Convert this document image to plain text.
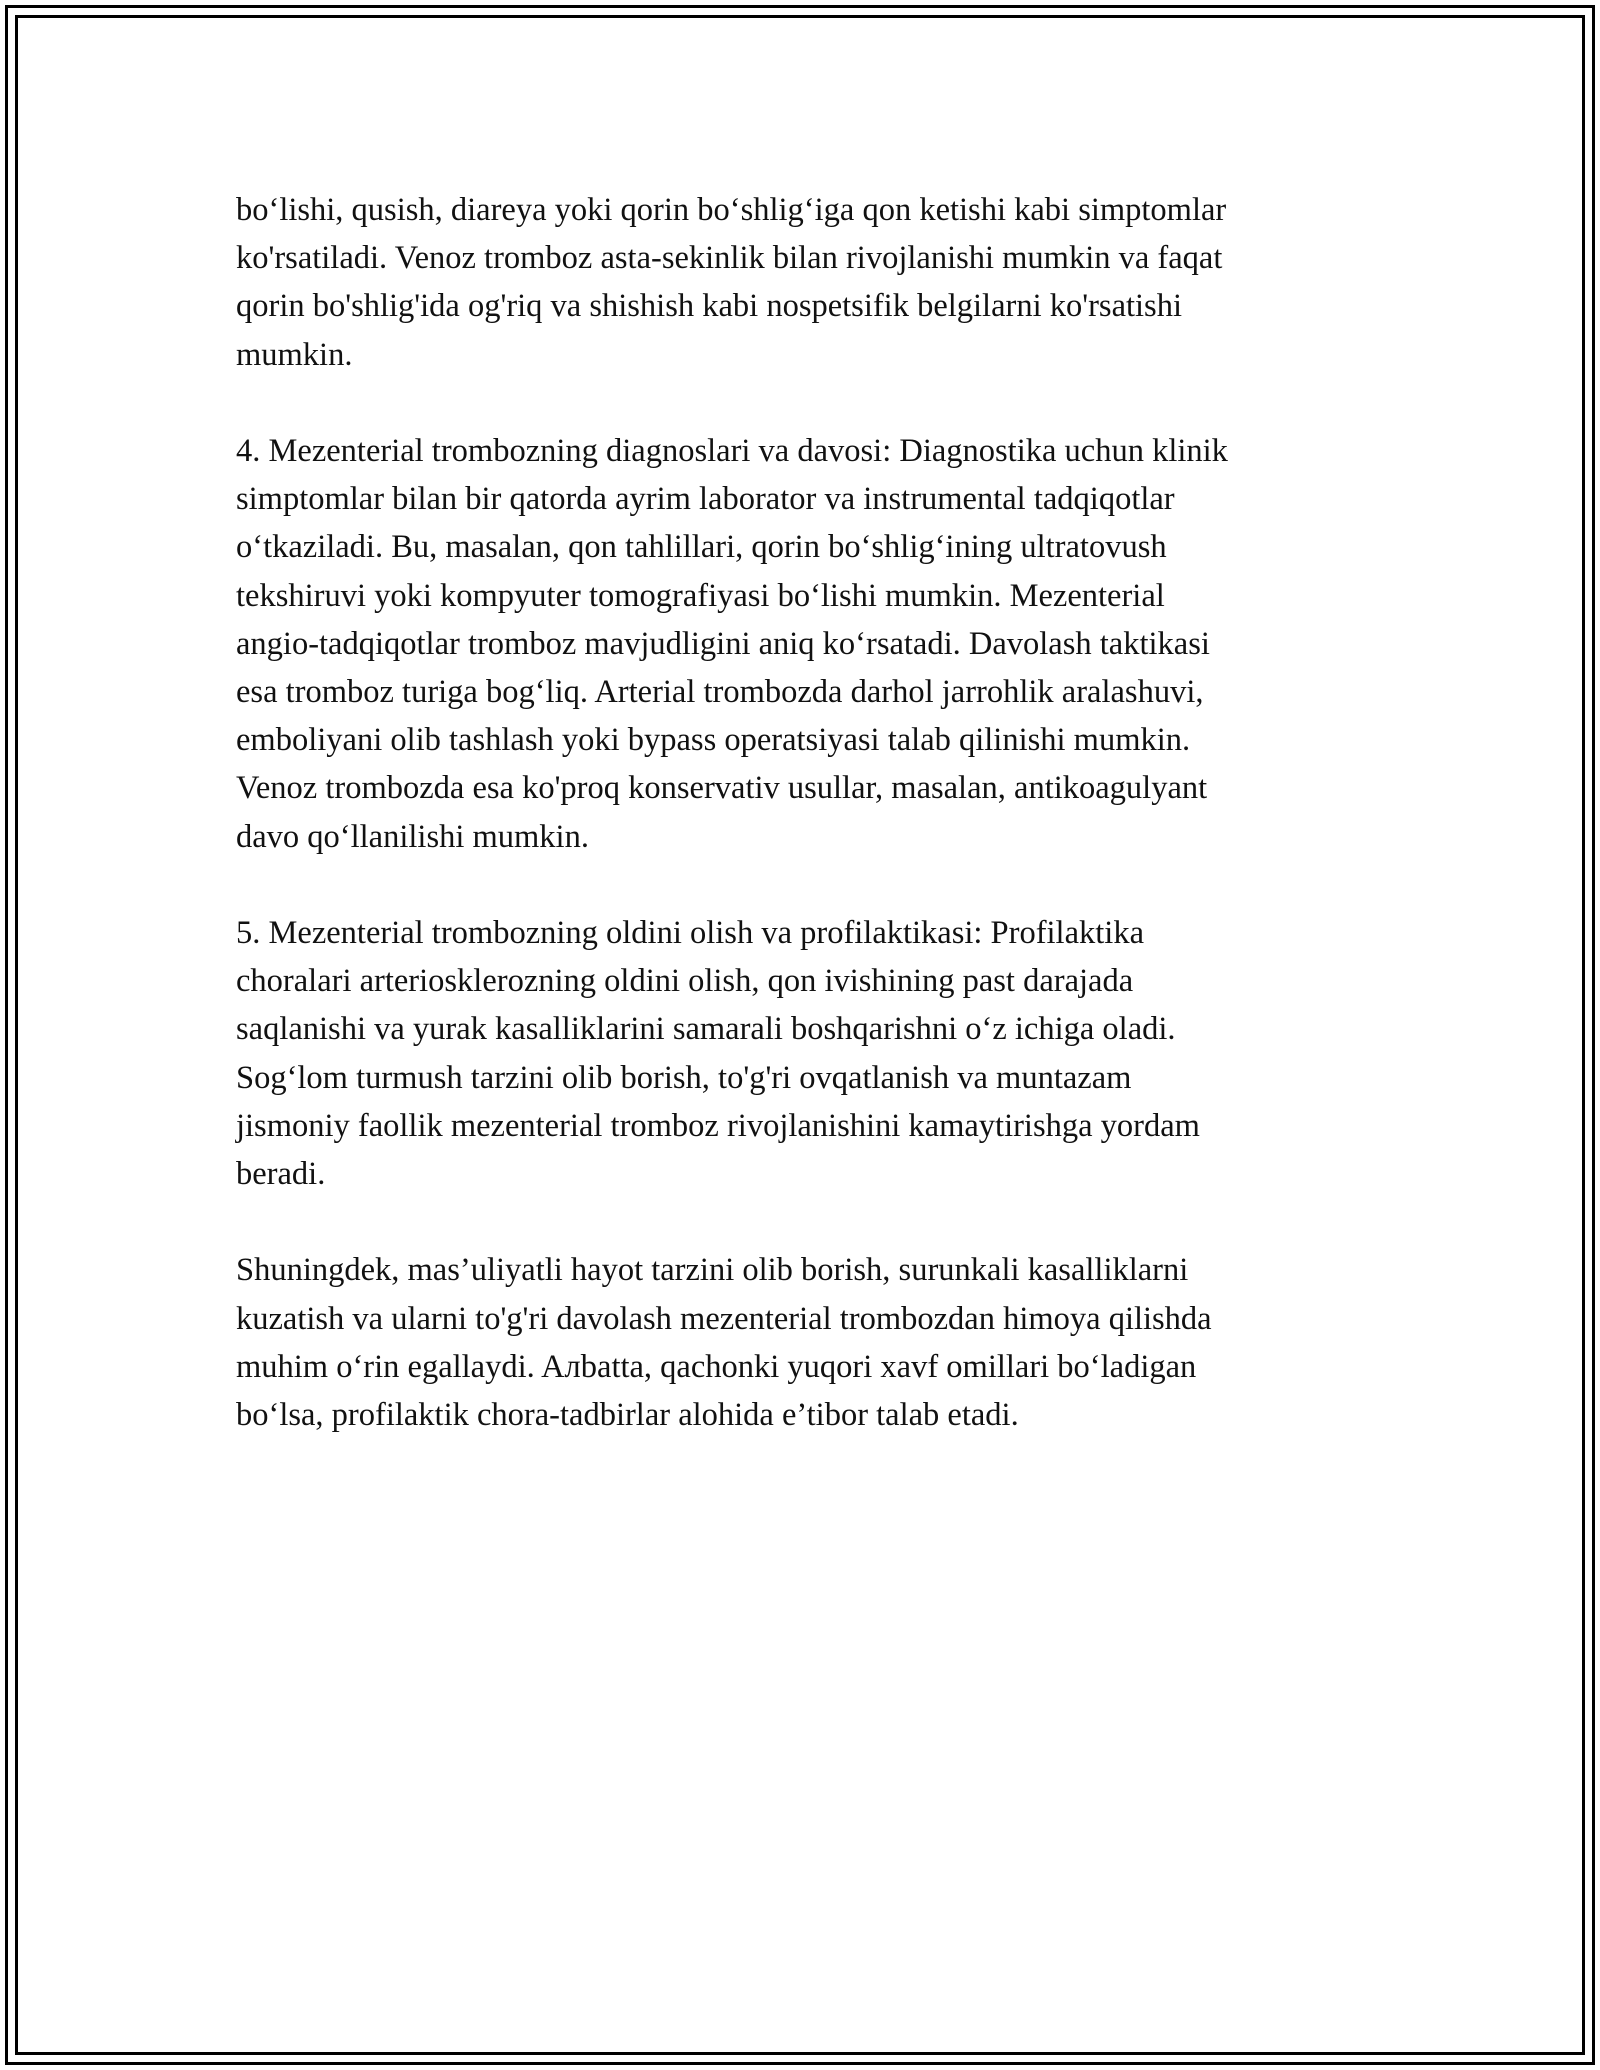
bo‘lishi, qusish, diareya yoki qorin bo‘shlig‘iga qon ketishi kabi simptomlar
ko'rsatiladi. Venoz tromboz asta-sekinlik bilan rivojlanishi mumkin va faqat
qorin bo'shlig'ida og'riq va shishish kabi nospetsifik belgilarni ko'rsatishi
mumkin.

4. Mezenterial trombozning diagnoslari va davosi: Diagnostika uchun klinik
simptomlar bilan bir qatorda ayrim laborator va instrumental tadqiqotlar
o‘tkaziladi. Bu, masalan, qon tahlillari, qorin bo‘shlig‘ining ultratovush
tekshiruvi yoki kompyuter tomografiyasi bo‘lishi mumkin. Mezenterial
angio-tadqiqotlar tromboz mavjudligini aniq ko‘rsatadi. Davolash taktikasi
esa tromboz turiga bog‘liq. Arterial trombozda darhol jarrohlik aralashuvi,
emboliyani olib tashlash yoki bypass operatsiyasi talab qilinishi mumkin.
Venoz trombozda esa ko'proq konservativ usullar, masalan, antikoagulyant
davo qo‘llanilishi mumkin.

5. Mezenterial trombozning oldini olish va profilaktikasi: Profilaktika
choralari arteriosklerozning oldini olish, qon ivishining past darajada
saqlanishi va yurak kasalliklarini samarali boshqarishni o‘z ichiga oladi.
Sog‘lom turmush tarzini olib borish, to'g'ri ovqatlanish va muntazam
jismoniy faollik mezenterial tromboz rivojlanishini kamaytirishga yordam
beradi.

Shuningdek, mas’uliyatli hayot tarzini olib borish, surunkali kasalliklarni
kuzatish va ularni to'g'ri davolash mezenterial trombozdan himoya qilishda
muhim o‘rin egallaydi. Aлbatta, qachonki yuqori xavf omillari bo‘ladigan
bo‘lsa, profilaktik chora-tadbirlar alohida e’tibor talab etadi.
